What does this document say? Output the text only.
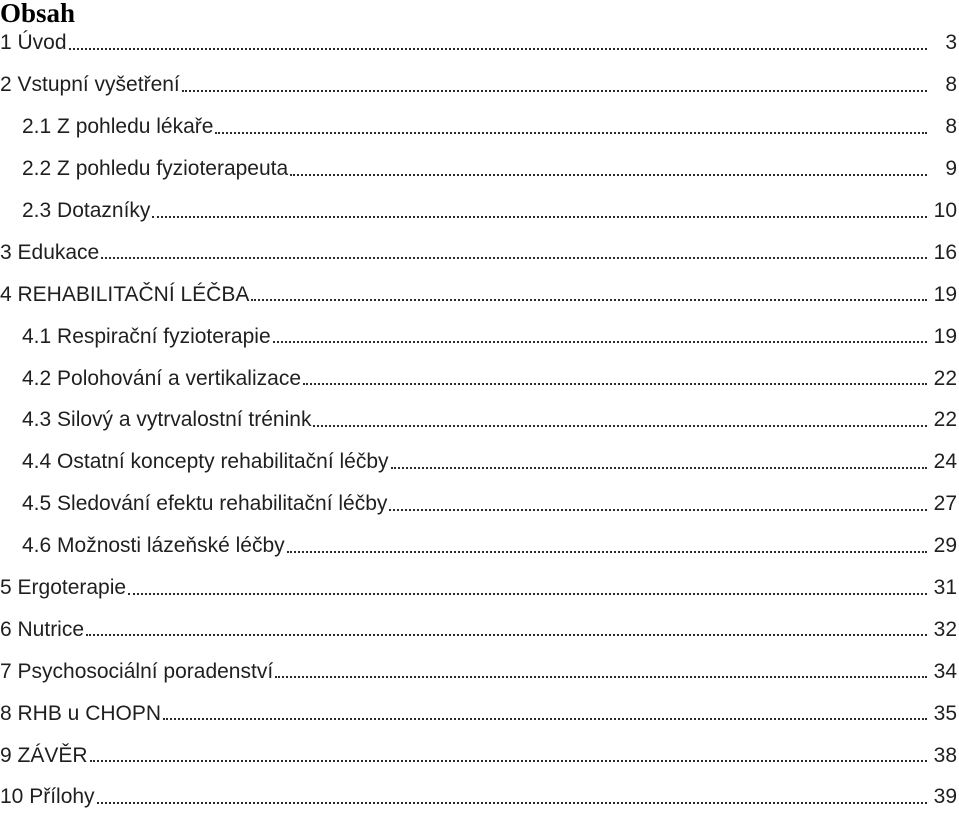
Obsah
1 Úvod	3
2 Vstupní vyšetření	8
2.1 Z pohledu lékaře	8
2.2 Z pohledu fyzioterapeuta	9
2.3 Dotazníky	10
3 Edukace	16
4 REHABILITAČNÍ LÉČBA	19
4.1 Respirační fyzioterapie	19
4.2 Polohování a vertikalizace	22
4.3 Silový a vytrvalostní trénink	22
4.4 Ostatní koncepty rehabilitační léčby	24
4.5 Sledování efektu rehabilitační léčby	27
4.6 Možnosti lázeňské léčby	29
5 Ergoterapie	31
6 Nutrice	32
7 Psychosociální poradenství	34
8 RHB u CHOPN	35
9 ZÁVĚR	38
10 Přílohy	39
